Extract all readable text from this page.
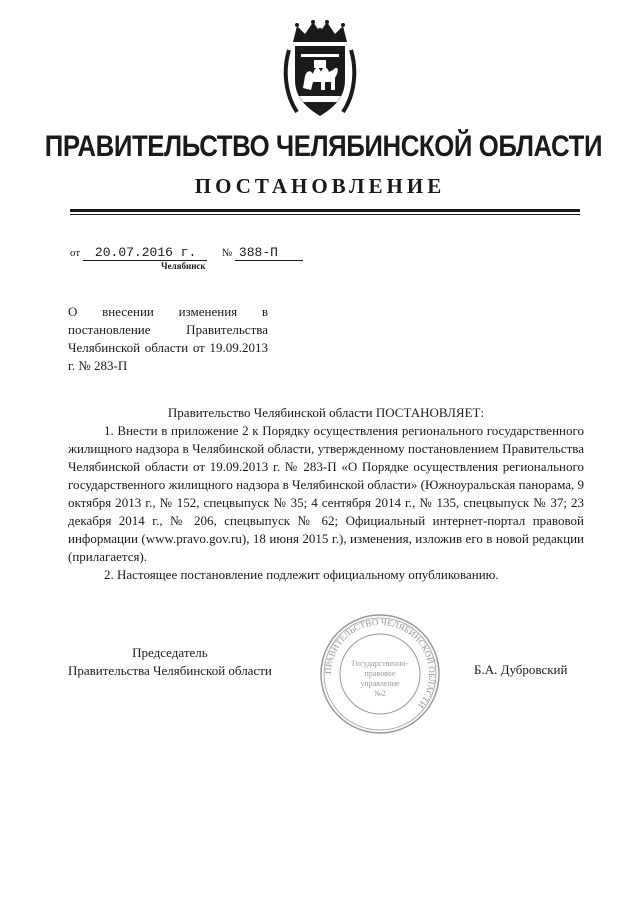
ПРАВИТЕЛЬСТВО ЧЕЛЯБИНСКОЙ ОБЛАСТИ
ПОСТАНОВЛЕНИЕ
от 20.07.2016 г. № 388-П
Челябинск
О внесении изменения в постановление Правительства Челябинской области от 19.09.2013 г. № 283-П

Правительство Челябинской области ПОСТАНОВЛЯЕТ:

1. Внести в приложение 2 к Порядку осуществления регионального государственного жилищного надзора в Челябинской области, утвержденному постановлением Правительства Челябинской области от 19.09.2013 г. № 283-П «О Порядке осуществления регионального государственного жилищного надзора в Челябинской области» (Южноуральская панорама, 9 октября 2013 г., № 152, спецвыпуск № 35; 4 сентября 2014 г., № 135, спецвыпуск № 37; 23 декабря 2014 г., № 206, спецвыпуск № 62; Официальный интернет-портал правовой информации (www.pravo.gov.ru), 18 июня 2015 г.), изменения, изложив его в новой редакции (прилагается).

2. Настоящее постановление подлежит официальному опубликованию.

Председатель
Правительства Челябинской области	Б.А. Дубровский
ПРАВИТЕЛЬСТВО ЧЕЛЯБИНСКОЙ ОБЛАСТИ
Государственно-
правовое
управление
№2
